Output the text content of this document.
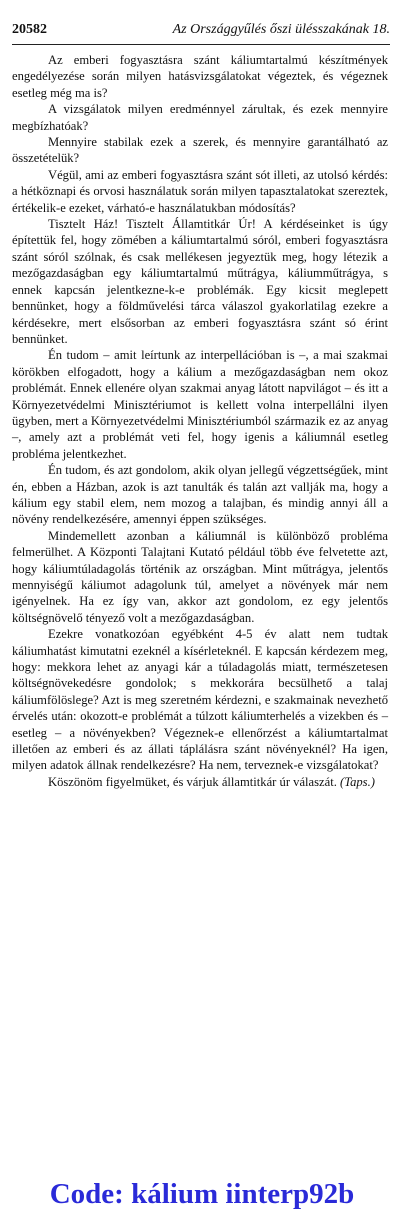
20582	Az Országgyűlés őszi ülésszakának 18.

Az emberi fogyasztásra szánt káliumtartalmú készítmények engedélyezése során milyen hatásvizsgálatokat végeztek, és végeznek esetleg még ma is?

A vizsgálatok milyen eredménnyel zárultak, és ezek mennyire megbízhatóak?

Mennyire stabilak ezek a szerek, és mennyire garantálható az összetételük?

Végül, ami az emberi fogyasztásra szánt sót illeti, az utolsó kérdés: a hétköznapi és orvosi használatuk során milyen tapasztalatokat szereztek, értékelik-e ezeket, várható-e használatukban módosítás?

Tisztelt Ház! Tisztelt Államtitkár Úr! A kérdéseinket is úgy építettük fel, hogy zömében a káliumtartalmú sóról, emberi fogyasztásra szánt sóról szólnak, és csak mellékesen jegyeztük meg, hogy létezik a mezőgazdaságban egy káliumtartalmú műtrágya, káliumműtrágya, s ennek kapcsán jelentkezne-k-e problémák. Egy kicsit meglepett bennünket, hogy a földművelési tárca válaszol gyakorlatilag ezekre a kérdésekre, mert elsősorban az emberi fogyasztásra szánt só érint bennünket.

Én tudom – amit leírtunk az interpellációban is –, a mai szakmai körökben elfogadott, hogy a kálium a mezőgazdaságban nem okoz problémát. Ennek ellenére olyan szakmai anyag látott napvilágot – és itt a Környezetvédelmi Minisztériumot is kellett volna interpellálni ilyen ügyben, mert a Környezetvédelmi Minisztériumból származik ez az anyag –, amely azt a problémát veti fel, hogy igenis a káliumnál esetleg probléma jelentkezhet.

Én tudom, és azt gondolom, akik olyan jellegű végzettségűek, mint én, ebben a Házban, azok is azt tanulták és talán azt vallják ma, hogy a kálium egy stabil elem, nem mozog a talajban, és mindig annyi áll a növény rendelkezésére, amennyi éppen szükséges.

Mindemellett azonban a káliumnál is különböző probléma felmerülhet. A Központi Talajtani Kutató például több éve felvetette azt, hogy káliumtúladagolás történik az országban. Mint műtrágya, jelentős mennyiségű káliumot adagolunk túl, amelyet a növények már nem igényelnek. Ha ez így van, akkor azt gondolom, ez egy jelentős költségnövelő tényező volt a mezőgazdaságban.

Ezekre vonatkozóan egyébként 4-5 év alatt nem tudtak káliumhatást kimutatni ezeknél a kísérleteknél. E kapcsán kérdezem meg, hogy: mekkora lehet az anyagi kár a túladagolás miatt, természetesen költségnövekedésre gondolok; s mekkorára becsülhető a talaj káliumfölöslege? Azt is meg szeretném kérdezni, e szakmainak nevezhető érvelés után: okozott-e problémát a túlzott káliumterhelés a vizekben és – esetleg – a növényekben? Végeznek-e ellenőrzést a káliumtartalmat illetően az emberi és az állati táplálásra szánt növényeknél? Ha igen, milyen adatok állnak rendelkezésre? Ha nem, terveznek-e vizsgálatokat?

Köszönöm figyelmüket, és várjuk államtitkár úr válaszát. (Taps.)

Code: kálium iinterp92b
